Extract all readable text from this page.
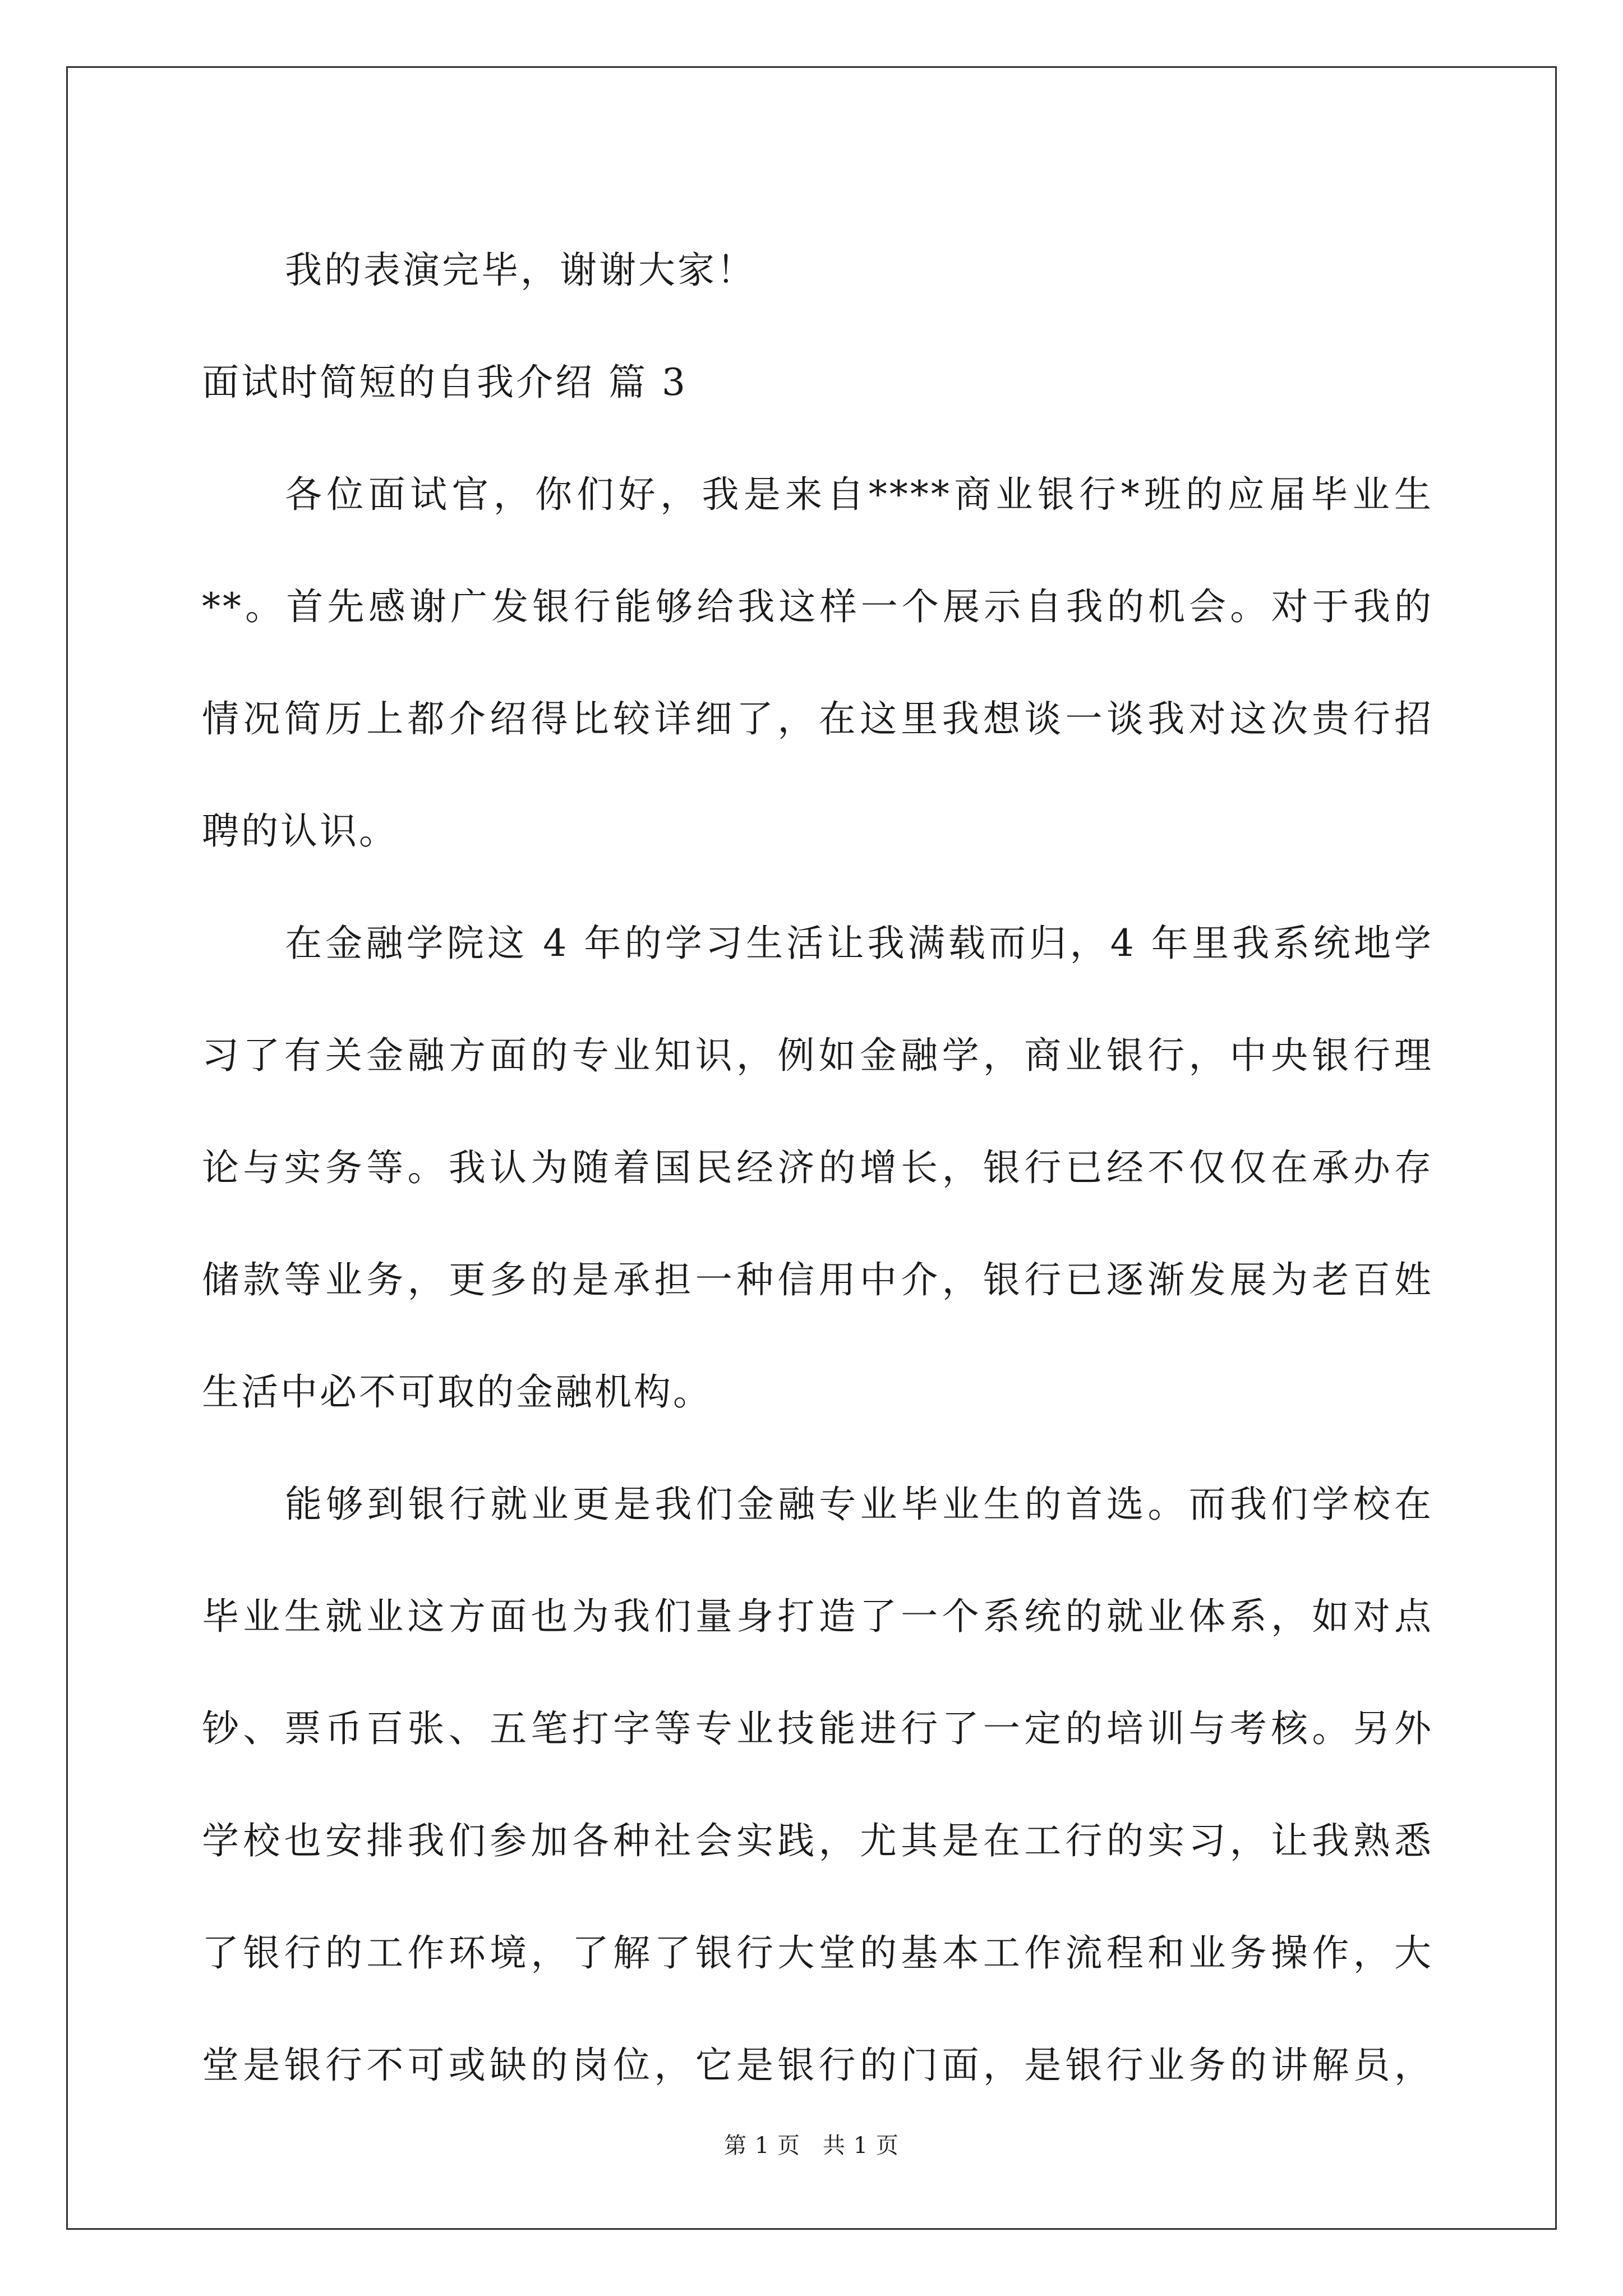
我的表演完毕，谢谢大家！
面试时简短的自我介绍 篇 3
各位面试官，你们好，我是来自****商业银行*班的应届毕业生
**。首先感谢广发银行能够给我这样一个展示自我的机会。对于我的
情况简历上都介绍得比较详细了，在这里我想谈一谈我对这次贵行招
聘的认识。
在金融学院这 4 年的学习生活让我满载而归，4 年里我系统地学
习了有关金融方面的专业知识，例如金融学，商业银行，中央银行理
论与实务等。我认为随着国民经济的增长，银行已经不仅仅在承办存
储款等业务，更多的是承担一种信用中介，银行已逐渐发展为老百姓
生活中必不可取的金融机构。
能够到银行就业更是我们金融专业毕业生的首选。而我们学校在
毕业生就业这方面也为我们量身打造了一个系统的就业体系，如对点
钞、票币百张、五笔打字等专业技能进行了一定的培训与考核。另外
学校也安排我们参加各种社会实践，尤其是在工行的实习，让我熟悉
了银行的工作环境，了解了银行大堂的基本工作流程和业务操作，大
堂是银行不可或缺的岗位，它是银行的门面，是银行业务的讲解员，
第 1 页 共 1 页
